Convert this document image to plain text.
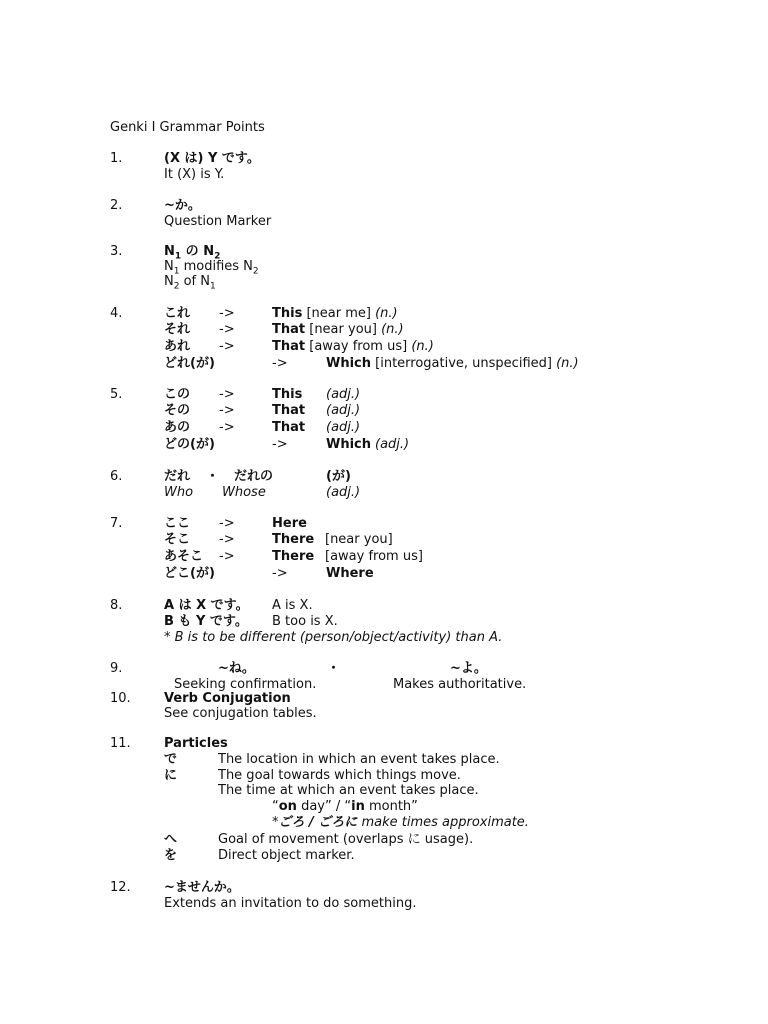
Genki I Grammar Points
1.	(X は) Y です。
It (X) is Y.
2.	~か。
Question Marker
3.	$N_1$ の $N_2$
$N_1$ modifies $N_2$
$N_2$ of $N_1$
4.	これ ->	This [near me] (n.)
それ ->	That [near you] (n.)
あれ ->	That [away from us] (n.)
どれ(が)	->	Which [interrogative, unspecified] (n.)
5.	この ->	This (adj.)
その ->	That (adj.)
あの ->	That (adj.)
どの(が)	->	Which (adj.)
6.	だれ ・ だれの	(が)
Who Whose	(adj.)
7.	ここ ->	Here
そこ ->	There [near you]
あそこ ->	There [away from us]
どこ(が)	->	Where
8.	A は X です。 A is X.
B も Y です。 B too is X.
* B is to be different (person/object/activity) than A.
9.	~ね。	・	~よ。
Seeking confirmation.	Makes authoritative.
10.	Verb Conjugation
See conjugation tables.
11.	Particles
で	The location in which an event takes place.
に	The goal towards which things move.
The time at which an event takes place.
“on day” / “in month”
*ごろ / ごろに make times approximate.
へ	Goal of movement (overlaps に usage).
を	Direct object marker.
12.	~ませんか。
Extends an invitation to do something.
